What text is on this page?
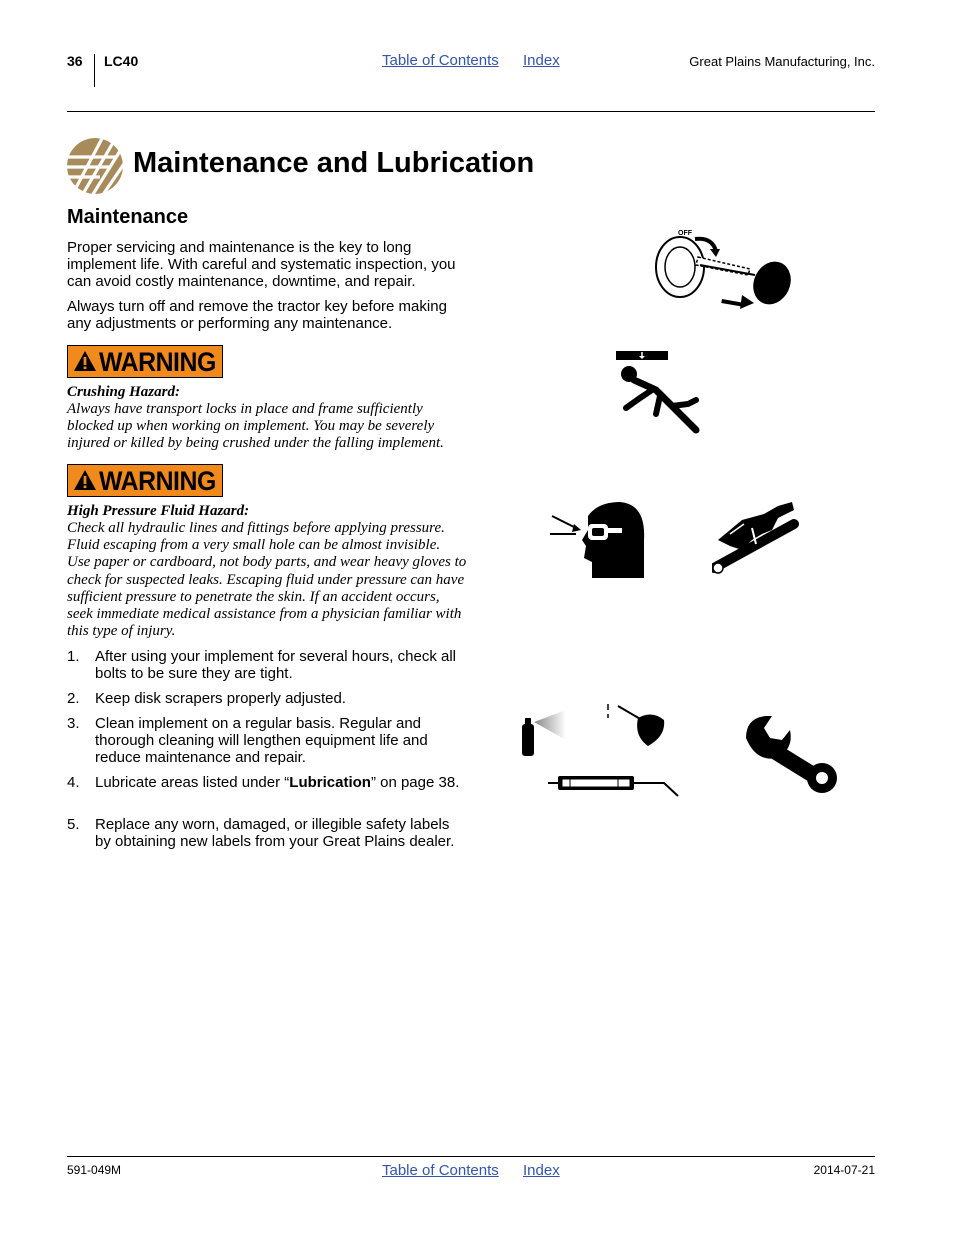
36 LC40	Table of Contents Index	Great Plains Manufacturing, Inc.
Maintenance and Lubrication
Maintenance
Proper servicing and maintenance is the key to long implement life. With careful and systematic inspection, you can avoid costly maintenance, downtime, and repair.
Always turn off and remove the tractor key before making any adjustments or performing any maintenance.
WARNING
Crushing Hazard:
Always have transport locks in place and frame sufficiently blocked up when working on implement. You may be severely injured or killed by being crushed under the falling implement.
WARNING
High Pressure Fluid Hazard:
Check all hydraulic lines and fittings before applying pressure. Fluid escaping from a very small hole can be almost invisible. Use paper or cardboard, not body parts, and wear heavy gloves to check for suspected leaks. Escaping fluid under pressure can have sufficient pressure to penetrate the skin. If an accident occurs, seek immediate medical assistance from a physician familiar with this type of injury.
1. After using your implement for several hours, check all bolts to be sure they are tight.
2. Keep disk scrapers properly adjusted.
3. Clean implement on a regular basis. Regular and thorough cleaning will lengthen equipment life and reduce maintenance and repair.
4. Lubricate areas listed under “Lubrication” on page 38.
5. Replace any worn, damaged, or illegible safety labels by obtaining new labels from your Great Plains dealer.
OFF
591-049M	Table of Contents Index	2014-07-21
